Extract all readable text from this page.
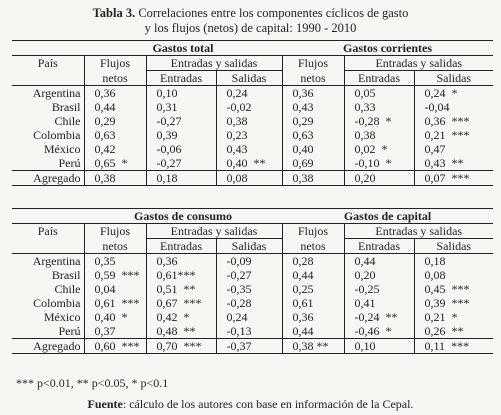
Tabla 3. Correlaciones entre los componentes cíclicos de gasto
y los flujos (netos) de capital: 1990 - 2010
	Gastos total			Gastos corrientes		
País	Flujos	Entradas y salidas		Flujos	Entradas y salidas	
	netos	Entradas	Salidas	netos	Entradas	Salidas
Argentina	0,36	0,10	0,24	0,36	0,05	0,24 *
Brasil	0,44	0,31	-0,02	0,43	0,33	-0,04
Chile	0,29	-0,27	0,38	0,29	-0,28 *	0,36 ***
Colombia	0,63	0,39	0,23	0,63	0,38	0,21 ***
México	0,42	-0,06	0,43	0,40	0,02 *	0,47
Perú	0,65 *	-0,27	0,40 **	0,69	-0,10 *	0,43 **
Agregado	0,38	0,18	0,08	0,38	0,20	0,07 ***
	Gastos de consumo			Gastos de capital		
País	Flujos	Entradas y salidas		Flujos	Entradas y salidas	
	netos	Entradas	Salidas	netos	Entradas	Salidas
Argentina	0,35	0,36	-0,09	0,28	0,44	0,18
Brasil	0,59 ***	0,61***	-0,27	0,44	0,20	0,08
Chile	0,04	0,51 **	-0,35	0,25	-0,25	0,45 ***
Colombia	0,61 ***	0,67 ***	-0,28	0,61	0,41	0,39 ***
México	0,40 *	0,42 *	0,24	0,36	-0,24 **	0,21 *
Perú	0,37	0,48 **	-0,13	0,44	-0,46 *	0,26 **
Agregado	0,60 ***	0,70 ***	-0,37	0,38 **	0,10	0,11 ***
*** p<0.01, ** p<0.05, * p<0.1
Fuente: cálculo de los autores con base en información de la Cepal.
